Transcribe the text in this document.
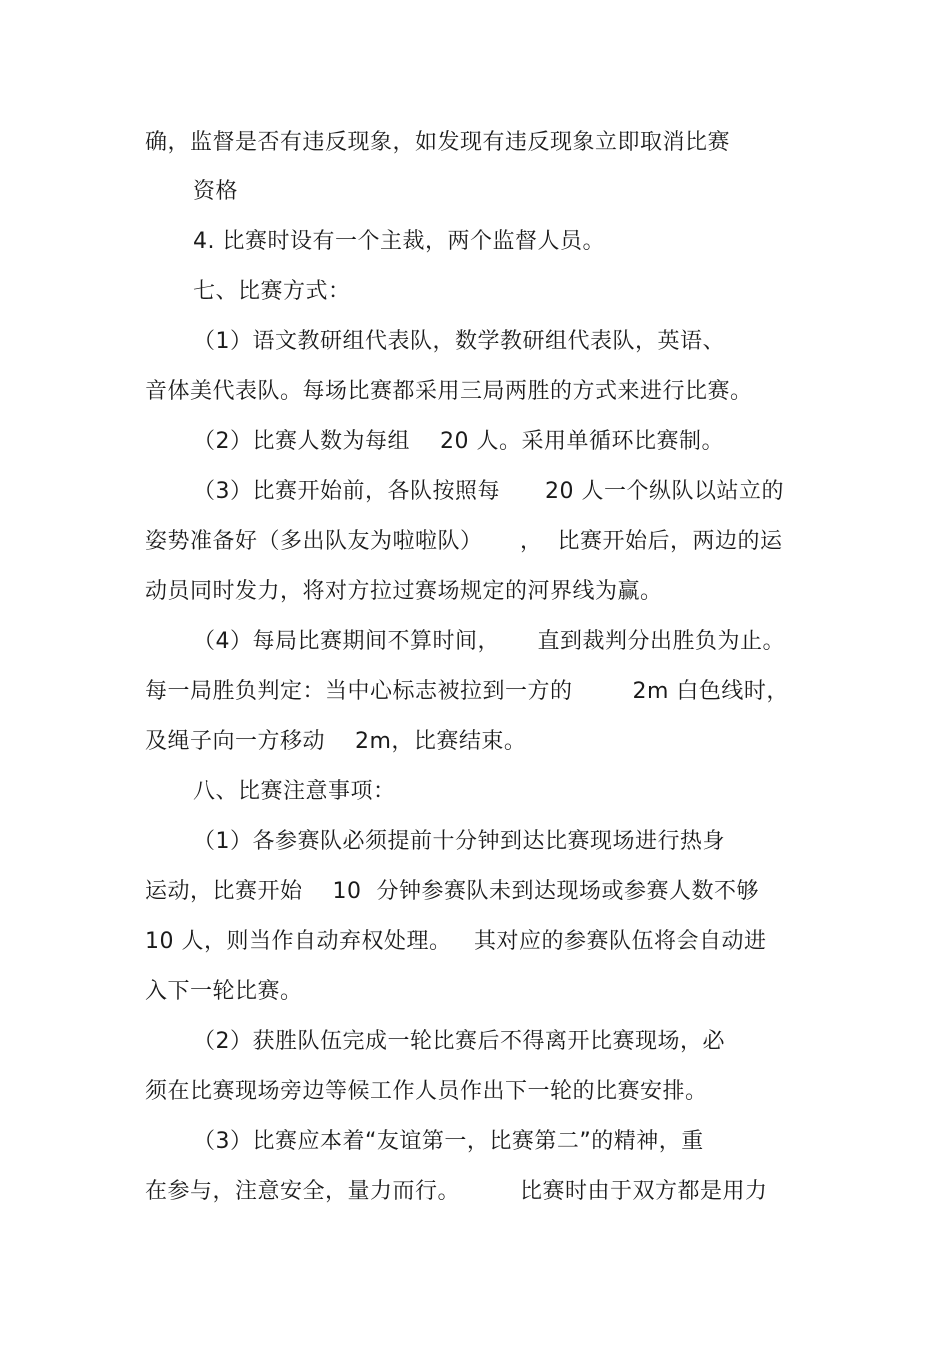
确，监督是否有违反现象，如发现有违反现象立即取消比赛
资格
4. 比赛时设有一个主裁，两个监督人员。
七、比赛方式：
（1）语文教研组代表队，数学教研组代表队，英语、
音体美代表队。每场比赛都采用三局两胜的方式来进行比赛。
（2）比赛人数为每组    20 人。采用单循环比赛制。
（3）比赛开始前，各队按照每      20 人一个纵队以站立的
姿势准备好（多出队友为啦啦队）     ，  比赛开始后，两边的运
动员同时发力，将对方拉过赛场规定的河界线为赢。
（4）每局比赛期间不算时间，     直到裁判分出胜负为止。
每一局胜负判定：当中心标志被拉到一方的        2m 白色线时，
及绳子向一方移动    2m，比赛结束。
八、比赛注意事项：
（1）各参赛队必须提前十分钟到达比赛现场进行热身
运动，比赛开始    10  分钟参赛队未到达现场或参赛人数不够
10 人，则当作自动弃权处理。   其对应的参赛队伍将会自动进
入下一轮比赛。
（2）获胜队伍完成一轮比赛后不得离开比赛现场，必
须在比赛现场旁边等候工作人员作出下一轮的比赛安排。
（3）比赛应本着“友谊第一，比赛第二”的精神，重
在参与，注意安全，量力而行。        比赛时由于双方都是用力
